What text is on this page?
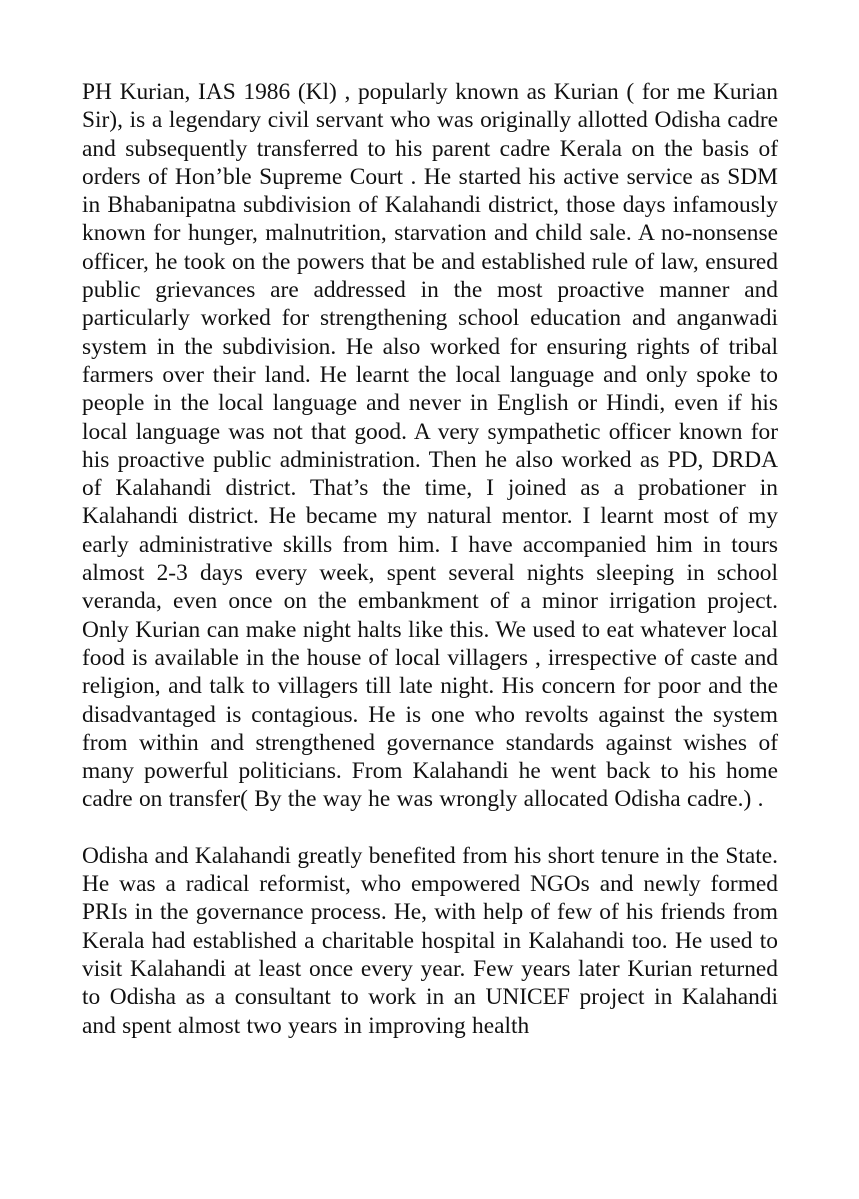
PH Kurian, IAS 1986 (Kl) , popularly known as Kurian ( for me Kurian Sir), is a legendary civil servant who was originally allotted Odisha cadre and subsequently transferred to his parent cadre Kerala on the basis of orders of Hon’ble Supreme Court . He started his active service as SDM in Bhabanipatna subdivision of Kalahandi district, those days infamously known for hunger, malnutrition, starvation and child sale. A no-nonsense officer, he took on the powers that be and established rule of law, ensured public grievances are addressed in the most proactive manner and particularly worked for strengthening school education and anganwadi system in the subdivision. He also worked for ensuring rights of tribal farmers over their land. He learnt the local language and only spoke to people in the local language and never in English or Hindi, even if his local language was not that good. A very sympathetic officer known for his proactive public administration. Then he also worked as PD, DRDA of Kalahandi district. That’s the time, I joined as a probationer in Kalahandi district. He became my natural mentor. I learnt most of my early administrative skills from him. I have accompanied him in tours almost 2-3 days every week, spent several nights sleeping in school veranda, even once on the embankment of a minor irrigation project. Only Kurian can make night halts like this. We used to eat whatever local food is available in the house of local villagers , irrespective of caste and religion, and talk to villagers till late night. His concern for poor and the disadvantaged is contagious. He is one who revolts against the system from within and strengthened governance standards against wishes of many powerful politicians. From Kalahandi he went back to his home cadre on transfer( By the way he was wrongly allocated Odisha cadre.) .

Odisha and Kalahandi greatly benefited from his short tenure in the State. He was a radical reformist, who empowered NGOs and newly formed PRIs in the governance process. He, with help of few of his friends from Kerala had established a charitable hospital in Kalahandi too. He used to visit Kalahandi at least once every year. Few years later Kurian returned to Odisha as a consultant to work in an UNICEF project in Kalahandi and spent almost two years in improving health
